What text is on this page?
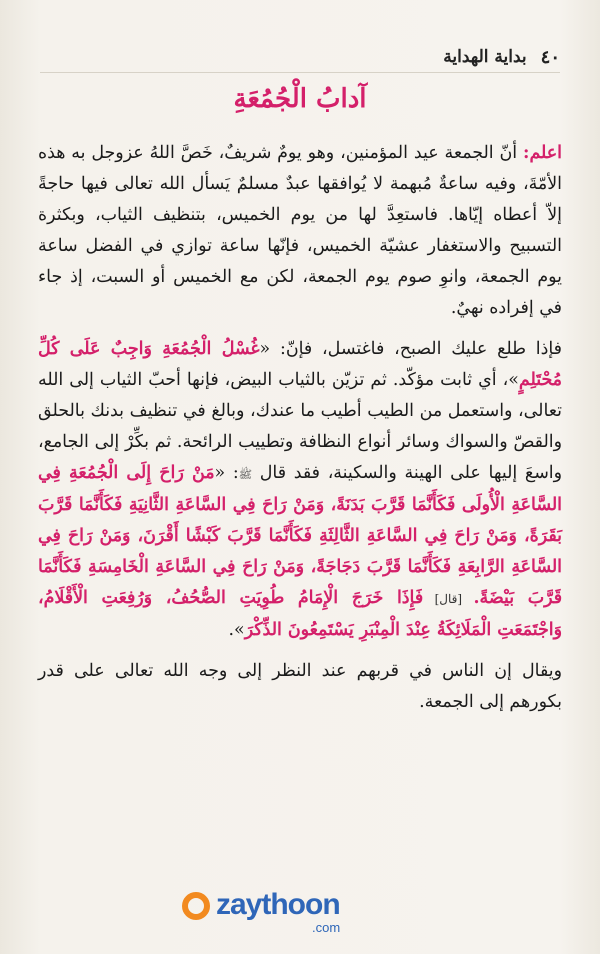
٤٠
بداية الهداية
آدابُ الْجُمُعَةِ

اعلم: أنّ الجمعة عيد المؤمنين، وهو يومٌ شريفٌ، خَصَّ اللهُ عزوجل به هذه الأمّةَ، وفيه ساعةٌ مُبهمة لا يُوافقها عبدٌ مسلمٌ يَسأل الله تعالى فيها حاجةً إلاّ أعطاه إيّاها. فاستعِدَّ لها من يوم الخميس، بتنظيف الثياب، وبكثرة التسبيح والاستغفار عشيّة الخميس، فإنّها ساعة توازي في الفضل ساعة يوم الجمعة، وانوِ صوم يوم الجمعة، لكن مع الخميس أو السبت، إذ جاء في إفراده نهيٌ.

فإذا طلع عليك الصبح، فاغتسل، فإنّ: «غُسْلُ الْجُمُعَةِ وَاجِبٌ عَلَى كُلِّ مُحْتَلِمٍ»، أي ثابت مؤكّد. ثم تزيّن بالثياب البيض، فإنها أحبّ الثياب إلى الله تعالى، واستعمل من الطيب أطيب ما عندك، وبالغ في تنظيف بدنك بالحلق والقصّ والسواك وسائر أنواع النظافة وتطييب الرائحة. ثم بكِّرْ إلى الجامع، واسعَ إليها على الهينة والسكينة، فقد قال ﷺ: «مَنْ رَاحَ إِلَى الْجُمُعَةِ فِي السَّاعَةِ الْأُولَى فَكَأَنَّمَا قَرَّبَ بَدَنَةً، وَمَنْ رَاحَ فِي السَّاعَةِ الثَّانِيَةِ فَكَأَنَّمَا قَرَّبَ بَقَرَةً، وَمَنْ رَاحَ فِي السَّاعَةِ الثَّالِثَةِ فَكَأَنَّمَا قَرَّبَ كَبْشًا أَقْرَنَ، وَمَنْ رَاحَ فِي السَّاعَةِ الرَّابِعَةِ فَكَأَنَّمَا قَرَّبَ دَجَاجَةً، وَمَنْ رَاحَ فِي السَّاعَةِ الْخَامِسَةِ فَكَأَنَّمَا قَرَّبَ بَيْضَةً. [قال] فَإِذَا خَرَجَ الْإِمَامُ طُوِيَتِ الصُّحُفُ، وَرُفِعَتِ الْأَقْلَامُ، وَاجْتَمَعَتِ الْمَلَائِكَةُ عِنْدَ الْمِنْبَرِ يَسْتَمِعُونَ الذِّكْرَ».

ويقال إن الناس في قربهم عند النظر إلى وجه الله تعالى على قدر بكورهم إلى الجمعة.

zaythoon
.com
